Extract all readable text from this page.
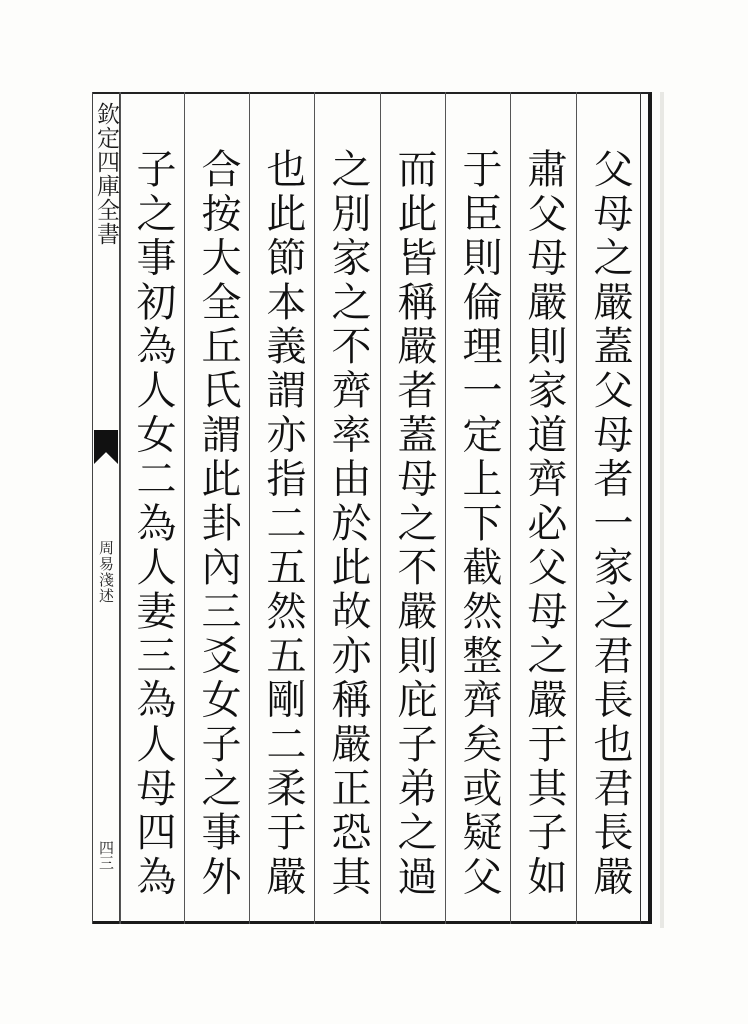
欽定四庫全書
周易淺述
四三
父母之嚴蓋父母者一家之君長也君長嚴
肅父母嚴則家道齊必父母之嚴于其子如
于臣則倫理一定上下截然整齊矣或疑父
而此皆稱嚴者蓋母之不嚴則庇子弟之過
之別家之不齊率由於此故亦稱嚴正恐其
也此節本義謂亦指二五然五剛二柔于嚴
合按大全丘氏謂此卦內三爻女子之事外
子之事初為人女二為人妻三為人母四為
